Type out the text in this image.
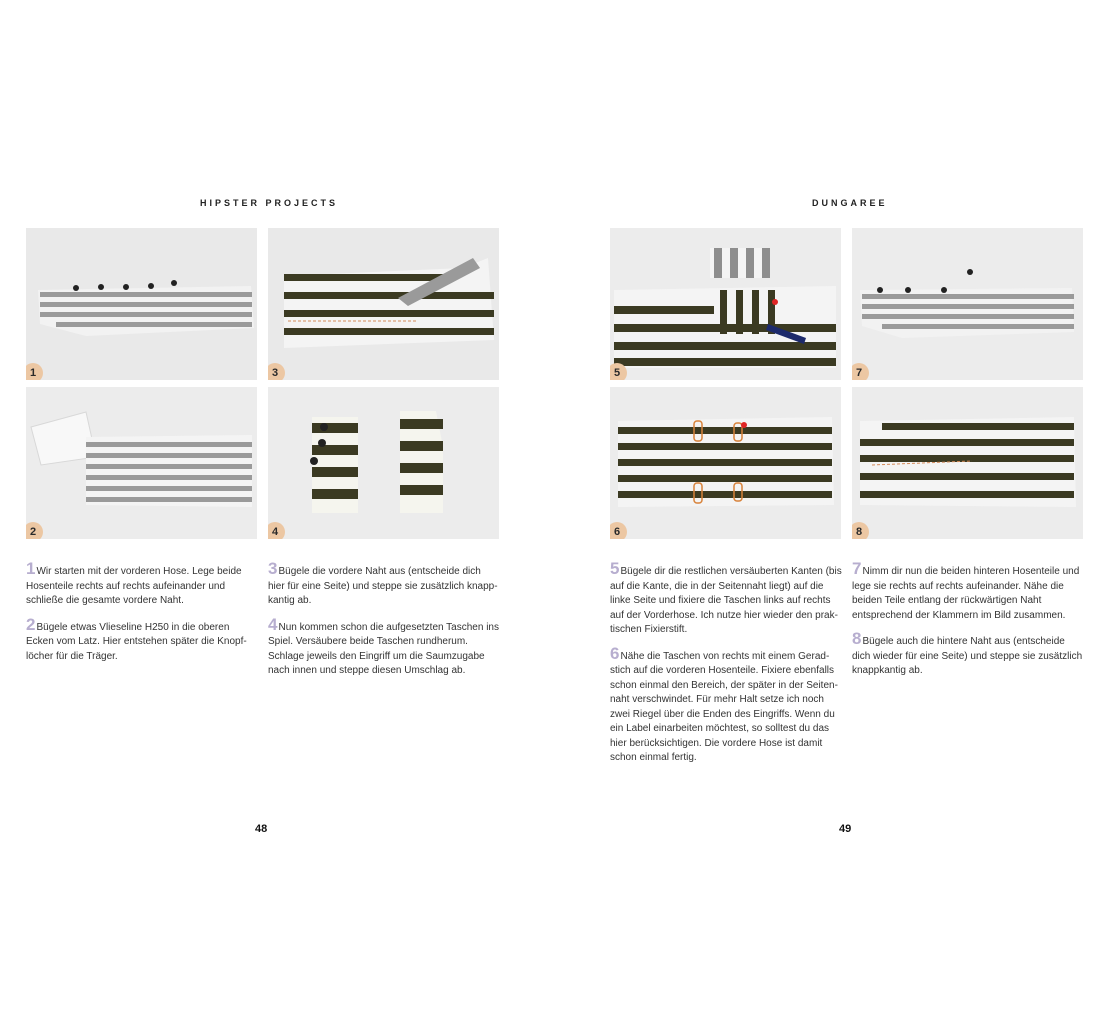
HIPSTER PROJECTS
1	3
2	4

1Wir starten mit der vorderen Hose. Lege beide Hosenteile rechts auf rechts aufeinander und schließe die gesamte vordere Naht.

2Bügele etwas Vlieseline H250 in die oberen Ecken vom Latz. Hier entstehen später die Knopflöcher für die Träger.

3Bügele die vordere Naht aus (entscheide dich hier für eine Seite) und steppe sie zusätzlich knappkantig ab.

4Nun kommen schon die aufgesetzten Taschen ins Spiel. Versäubere beide Taschen rundherum. Schlage jeweils den Eingriff um die Saumzugabe nach innen und steppe diesen Umschlag ab.

48
DUNGAREE
5	7
6	8

5Bügele dir die restlichen versäuberten Kanten (bis auf die Kante, die in der Seitennaht liegt) auf die linke Seite und fixiere die Taschen links auf rechts auf der Vorderhose. Ich nutze hier wieder den praktischen Fixierstift.

6Nähe die Taschen von rechts mit einem Geradstich auf die vorderen Hosenteile. Fixiere ebenfalls schon einmal den Bereich, der später in der Seitennaht verschwindet. Für mehr Halt setze ich noch zwei Riegel über die Enden des Eingriffs. Wenn du ein Label einarbeiten möchtest, so solltest du das hier berücksichtigen. Die vordere Hose ist damit schon einmal fertig.

7Nimm dir nun die beiden hinteren Hosenteile und lege sie rechts auf rechts aufeinander. Nähe die beiden Teile entlang der rückwärtigen Naht entsprechend der Klammern im Bild zusammen.

8Bügele auch die hintere Naht aus (entscheide dich wieder für eine Seite) und steppe sie zusätzlich knappkantig ab.

49
